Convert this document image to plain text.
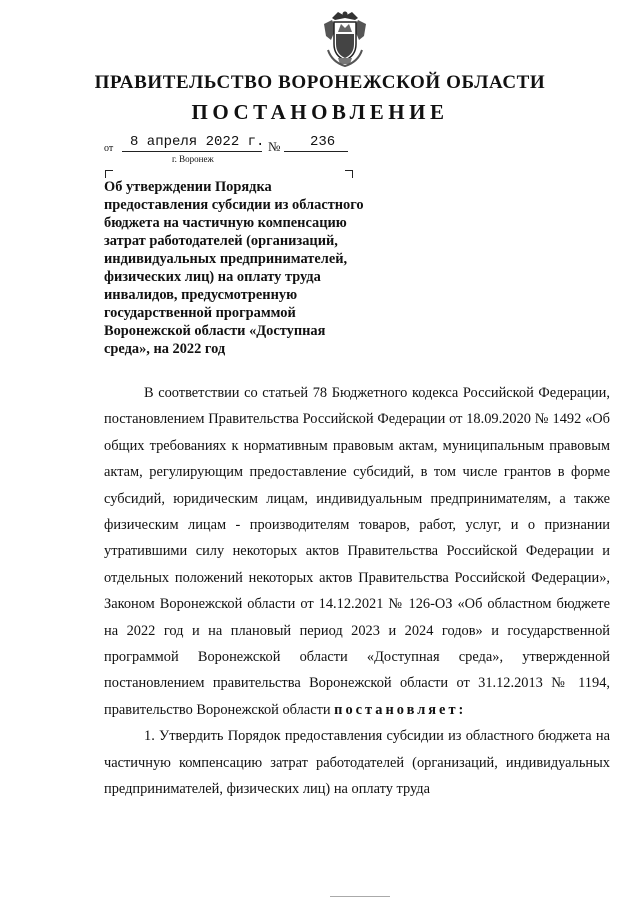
ПРАВИТЕЛЬСТВО ВОРОНЕЖСКОЙ ОБЛАСТИ
ПОСТАНОВЛЕНИЕ
от 8 апреля 2022 г. № 236
г. Воронеж

Об утверждении Порядка предоставления субсидии из областного бюджета на частичную компенсацию затрат работодателей (организаций, индивидуальных предпринимателей, физических лиц) на оплату труда инвалидов, предусмотренную государственной программой Воронежской области «Доступная среда», на 2022 год

В соответствии со статьей 78 Бюджетного кодекса Российской Федерации, постановлением Правительства Российской Федерации от 18.09.2020 № 1492 «Об общих требованиях к нормативным правовым актам, муниципальным правовым актам, регулирующим предоставление субсидий, в том числе грантов в форме субсидий, юридическим лицам, индивидуальным предпринимателям, а также физическим лицам - производителям товаров, работ, услуг, и о признании утратившими силу некоторых актов Правительства Российской Федерации и отдельных положений некоторых актов Правительства Российской Федерации», Законом Воронежской области от 14.12.2021 № 126-ОЗ «Об областном бюджете на 2022 год и на плановый период 2023 и 2024 годов» и государственной программой Воронежской области «Доступная среда», утвержденной постановлением правительства Воронежской области от 31.12.2013 № 1194, правительство Воронежской области постановляет:

1. Утвердить Порядок предоставления субсидии из областного бюджета на частичную компенсацию затрат работодателей (организаций, индивидуальных предпринимателей, физических лиц) на оплату труда
